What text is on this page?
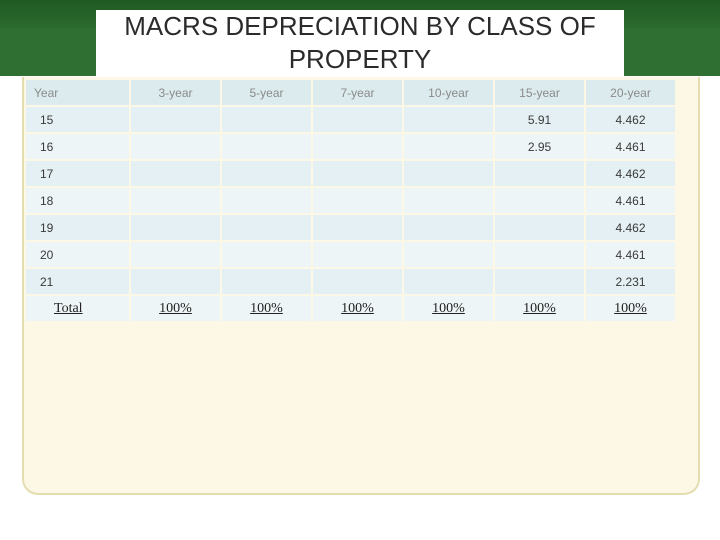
MACRS DEPRECIATION BY CLASS OF PROPERTY
Year	3-year	5-year	7-year	10-year	15-year	20-year
15					5.91	4.462
16					2.95	4.461
17						4.462
18						4.461
19						4.462
20						4.461
21						2.231
Total	100%	100%	100%	100%	100%	100%
